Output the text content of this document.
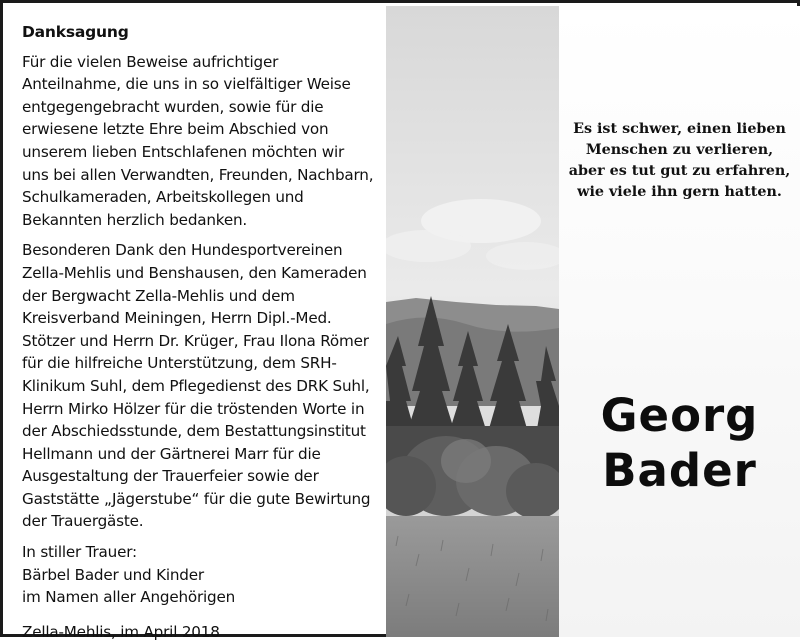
Danksagung

Für die vielen Beweise aufrichtiger Anteilnahme, die uns in so vielfältiger Weise entgegengebracht wurden, sowie für die erwiesene letzte Ehre beim Abschied von unserem lieben Entschlafenen möchten wir uns bei allen Verwandten, Freunden, Nachbarn, Schulkameraden, Arbeitskollegen und Bekannten herzlich bedanken.

Besonderen Dank den Hundesportvereinen Zella-Mehlis und Benshausen, den Kameraden der Bergwacht Zella-Mehlis und dem Kreisverband Meiningen, Herrn Dipl.-Med. Stötzer und Herrn Dr. Krüger, Frau Ilona Römer für die hilfreiche Unterstützung, dem SRH-Klinikum Suhl, dem Pflegedienst des DRK Suhl, Herrn Mirko Hölzer für die tröstenden Worte in der Abschiedsstunde, dem Bestattungsinstitut Hellmann und der Gärtnerei Marr für die Ausgestaltung der Trauerfeier sowie der Gaststätte „Jägerstube“ für die gute Bewirtung der Trauergäste.

In stiller Trauer:
Bärbel Bader und Kinder
im Namen aller Angehörigen

Zella-Mehlis, im April 2018

Es ist schwer, einen lieben
Menschen zu verlieren,
aber es tut gut zu erfahren,
wie viele ihn gern hatten.
Georg
Bader
